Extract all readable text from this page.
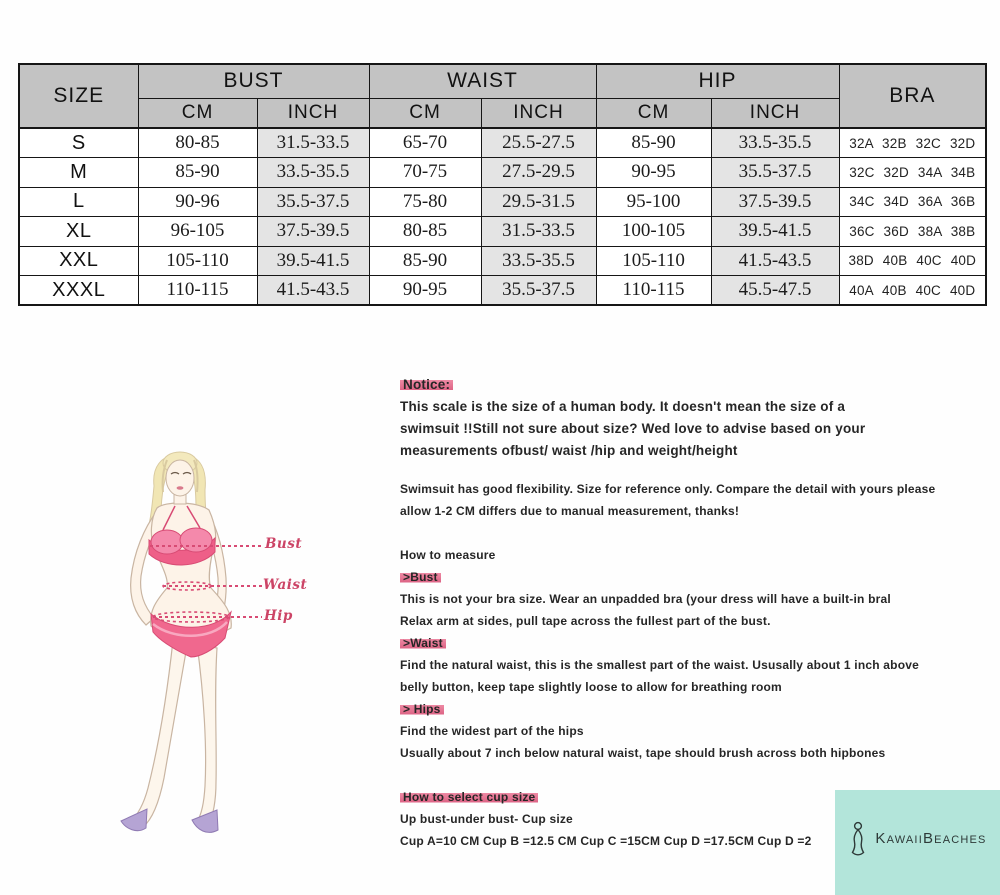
SIZE	BUST		WAIST		HIP		BRA
	CM	INCH	CM	INCH	CM	INCH	
S	80-85	31.5-33.5	65-70	25.5-27.5	85-90	33.5-35.5	32A 32B 32C 32D
M	85-90	33.5-35.5	70-75	27.5-29.5	90-95	35.5-37.5	32C 32D 34A 34B
L	90-96	35.5-37.5	75-80	29.5-31.5	95-100	37.5-39.5	34C 34D 36A 36B
XL	96-105	37.5-39.5	80-85	31.5-33.5	100-105	39.5-41.5	36C 36D 38A 38B
XXL	105-110	39.5-41.5	85-90	33.5-35.5	105-110	41.5-43.5	38D 40B 40C 40D
XXXL	110-115	41.5-43.5	90-95	35.5-37.5	110-115	45.5-47.5	40A 40B 40C 40D
Bust
Waist
Hip
Notice:
This scale is the size of a human body. It doesn't mean the size of a
swimsuit !!Still not sure about size? Wed love to advise based on your
measurements ofbust/ waist /hip and weight/height
Swimsuit has good flexibility. Size for reference only. Compare the detail with yours please
allow 1-2 CM differs due to manual measurement, thanks!
How to measure
>Bust
This is not your bra size. Wear an unpadded bra (your dress will have a built-in bral
Relax arm at sides, pull tape across the fullest part of the bust.
>Waist
Find the natural waist, this is the smallest part of the waist. Ususally about 1 inch above
belly button, keep tape slightly loose to allow for breathing room
> Hips
Find the widest part of the hips
Usually about 7 inch below natural waist, tape should brush across both hipbones
How to select cup size
Up bust-under bust- Cup size
Cup A=10 CM Cup B =12.5 CM Cup C =15CM Cup D =17.5CM Cup D =2	KawaiiBeaches
